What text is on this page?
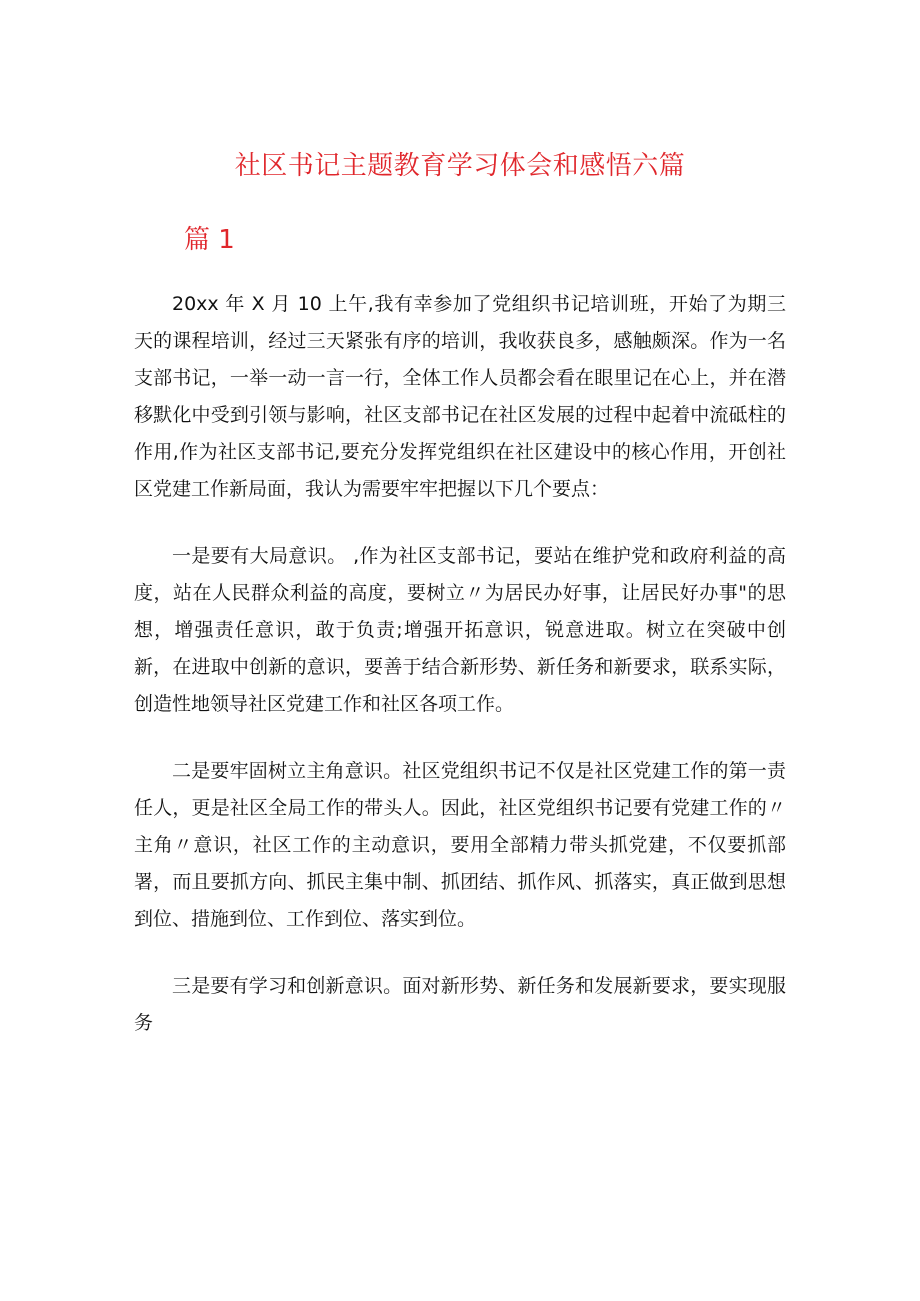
社区书记主题教育学习体会和感悟六篇
篇 1

20xx 年 X 月 10 上午,我有幸参加了党组织书记培训班，开始了为期三天的课程培训，经过三天紧张有序的培训，我收获良多，感触颇深。作为一名支部书记，一举一动一言一行，全体工作人员都会看在眼里记在心上，并在潜移默化中受到引领与影响，社区支部书记在社区发展的过程中起着中流砥柱的作用,作为社区支部书记,要充分发挥党组织在社区建设中的核心作用，开创社区党建工作新局面，我认为需要牢牢把握以下几个要点：

一是要有大局意识。 ,作为社区支部书记，要站在维护党和政府利益的高度，站在人民群众利益的高度，要树立〃为居民办好事，让居民好办事"的思想，增强责任意识，敢于负责;增强开拓意识，锐意进取。树立在突破中创新，在进取中创新的意识，要善于结合新形势、新任务和新要求，联系实际，创造性地领导社区党建工作和社区各项工作。

二是要牢固树立主角意识。社区党组织书记不仅是社区党建工作的第一责任人，更是社区全局工作的带头人。因此，社区党组织书记要有党建工作的〃主角〃意识，社区工作的主动意识，要用全部精力带头抓党建，不仅要抓部署，而且要抓方向、抓民主集中制、抓团结、抓作风、抓落实，真正做到思想到位、措施到位、工作到位、落实到位。

三是要有学习和创新意识。面对新形势、新任务和发展新要求，要实现服务
